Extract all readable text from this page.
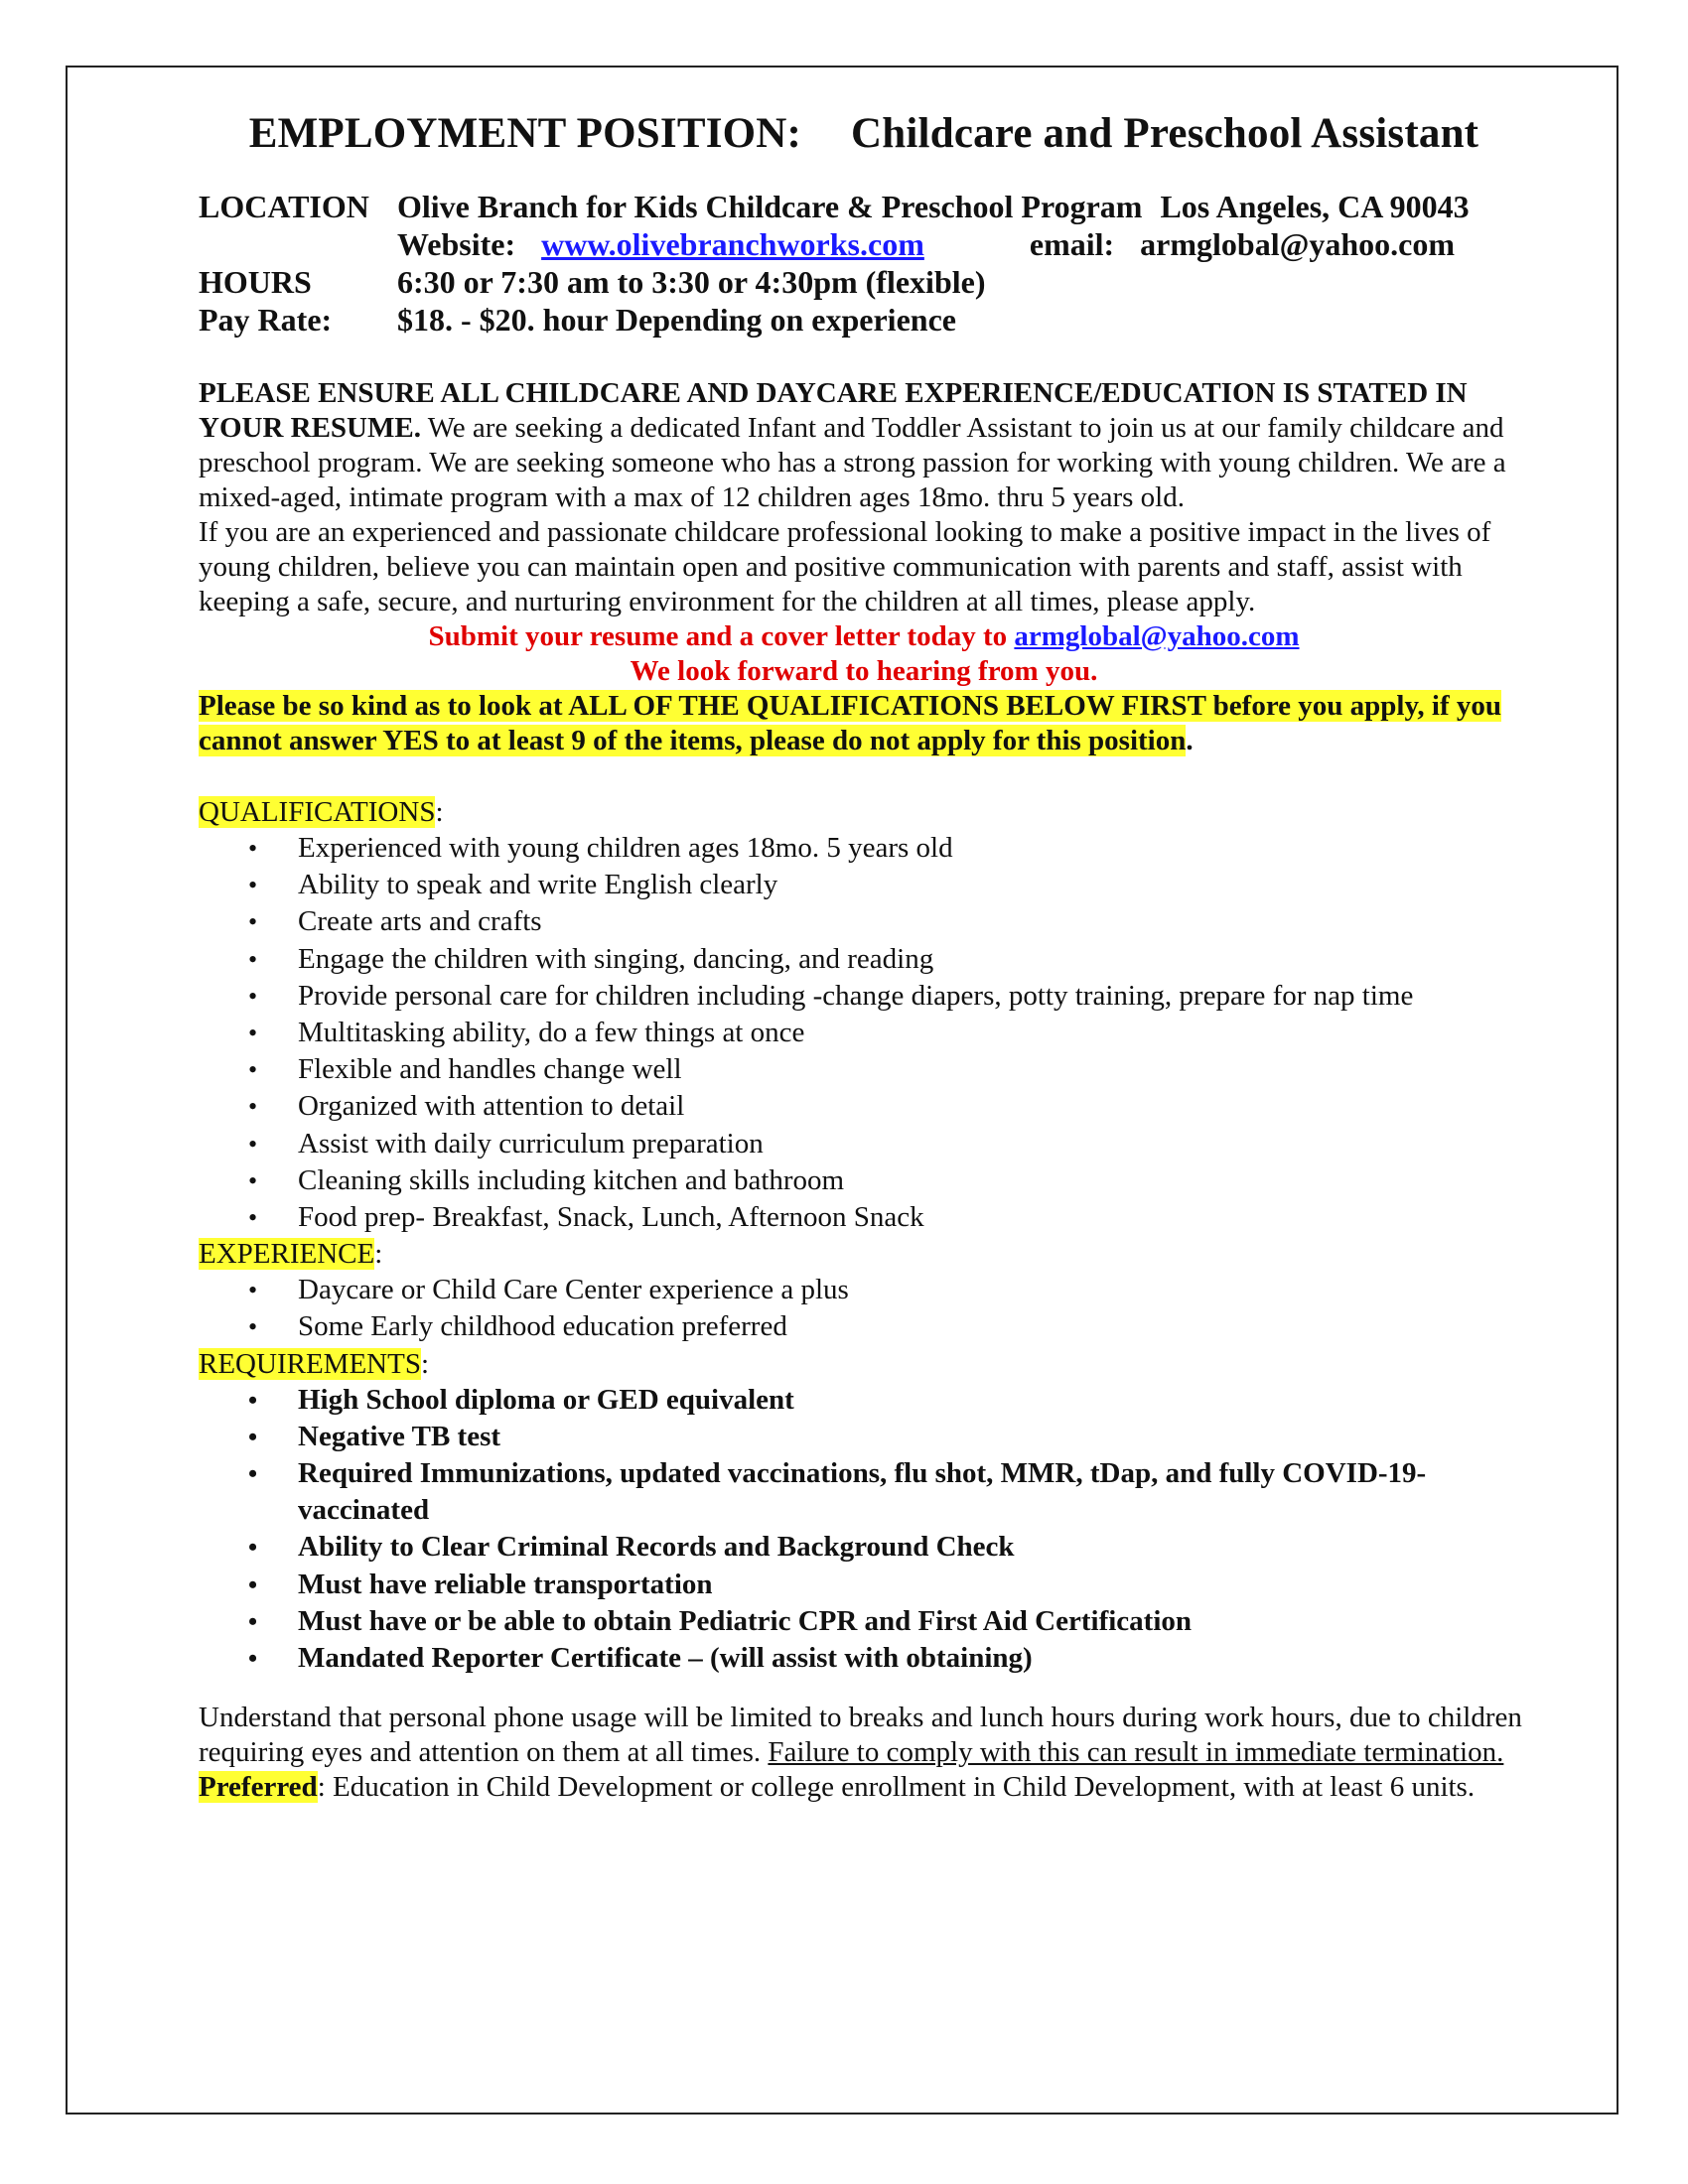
EMPLOYMENT POSITION: Childcare and Preschool Assistant
LOCATION Olive Branch for Kids Childcare & Preschool Program Los Angeles, CA 90043
Website: www.olivebranchworks.com	email: armglobal@yahoo.com
HOURS	6:30 or 7:30 am to 3:30 or 4:30pm (flexible)
Pay Rate:	$18. - $20. hour Depending on experience

PLEASE ENSURE ALL CHILDCARE AND DAYCARE EXPERIENCE/EDUCATION IS STATED IN YOUR RESUME. We are seeking a dedicated Infant and Toddler Assistant to join us at our family childcare and preschool program. We are seeking someone who has a strong passion for working with young children. We are a mixed-aged, intimate program with a max of 12 children ages 18mo. thru 5 years old.

If you are an experienced and passionate childcare professional looking to make a positive impact in the lives of young children, believe you can maintain open and positive communication with parents and staff, assist with keeping a safe, secure, and nurturing environment for the children at all times, please apply.

Submit your resume and a cover letter today to armglobal@yahoo.com

We look forward to hearing from you.

Please be so kind as to look at ALL OF THE QUALIFICATIONS BELOW FIRST before you apply, if you cannot answer YES to at least 9 of the items, please do not apply for this position.

QUALIFICATIONS:

• Experienced with young children ages 18mo. 5 years old
• Ability to speak and write English clearly
• Create arts and crafts
• Engage the children with singing, dancing, and reading
• Provide personal care for children including -change diapers, potty training, prepare for nap time
• Multitasking ability, do a few things at once
• Flexible and handles change well
• Organized with attention to detail
• Assist with daily curriculum preparation
• Cleaning skills including kitchen and bathroom
• Food prep- Breakfast, Snack, Lunch, Afternoon Snack

EXPERIENCE:

• Daycare or Child Care Center experience a plus
• Some Early childhood education preferred

REQUIREMENTS:

• High School diploma or GED equivalent
• Negative TB test
• Required Immunizations, updated vaccinations, flu shot, MMR, tDap, and fully COVID-19-vaccinated
• Ability to Clear Criminal Records and Background Check
• Must have reliable transportation
• Must have or be able to obtain Pediatric CPR and First Aid Certification
• Mandated Reporter Certificate – (will assist with obtaining)

Understand that personal phone usage will be limited to breaks and lunch hours during work hours, due to children requiring eyes and attention on them at all times. Failure to comply with this can result in immediate termination.

Preferred: Education in Child Development or college enrollment in Child Development, with at least 6 units.
